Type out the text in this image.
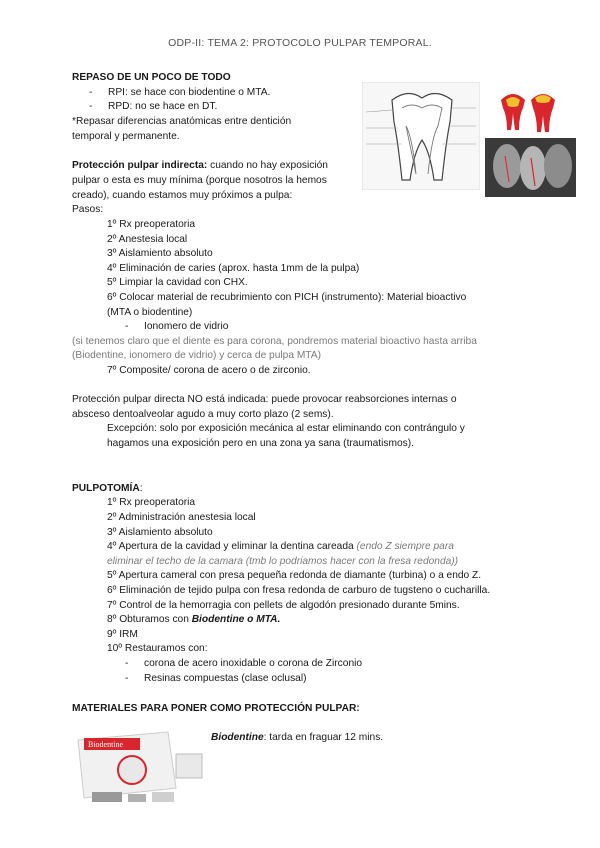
ODP-II: TEMA 2: PROTOCOLO PULPAR TEMPORAL.
REPASO DE UN POCO DE TODO
- RPI: se hace con biodentine o MTA.
- RPD: no se hace en DT.
*Repasar diferencias anatómicas entre dentición
temporal y permanente.
Protección pulpar indirecta: cuando no hay exposición
pulpar o esta es muy mínima (porque nosotros la hemos
creado), cuando estamos muy próximos a pulpa:
Pasos:
1º Rx preoperatoria
2º Anestesia local
3º Aislamiento absoluto
4º Eliminación de caries (aprox. hasta 1mm de la pulpa)
5º Limpiar la cavidad con CHX.
6º Colocar material de recubrimiento con PICH (instrumento): Material bioactivo
(MTA o biodentine)
- Ionomero de vidrio
(si tenemos claro que el diente es para corona, pondremos material bioactivo hasta arriba
(Biodentine, ionomero de vidrio) y cerca de pulpa MTA)
7º Composite/ corona de acero o de zirconio.
Protección pulpar directa NO está indicada: puede provocar reabsorciones internas o
absceso dentoalveolar agudo a muy corto plazo (2 sems).
Excepción: solo por exposición mecánica al estar eliminando con contrángulo y
hagamos una exposición pero en una zona ya sana (traumatismos).
PULPOTOMÍA:
1º Rx preoperatoria
2º Administración anestesia local
3º Aislamiento absoluto
4º Apertura de la cavidad y eliminar la dentina careada (endo Z siempre para
eliminar el techo de la camara (tmb lo podriamos hacer con la fresa redonda))
5º Apertura cameral con presa pequeña redonda de diamante (turbina) o a endo Z.
6º Eliminación de tejido pulpa con fresa redonda de carburo de tugsteno o cucharilla.
7º Control de la hemorragia con pellets de algodón presionado durante 5mins.
8º Obturamos con Biodentine o MTA.
9º IRM
10º Restauramos con:
- corona de acero inoxidable o corona de Zirconio
- Resinas compuestas (clase oclusal)
MATERIALES PARA PONER COMO PROTECCIÓN PULPAR:
Biodentine: tarda en fraguar 12 mins.
Biodentine
